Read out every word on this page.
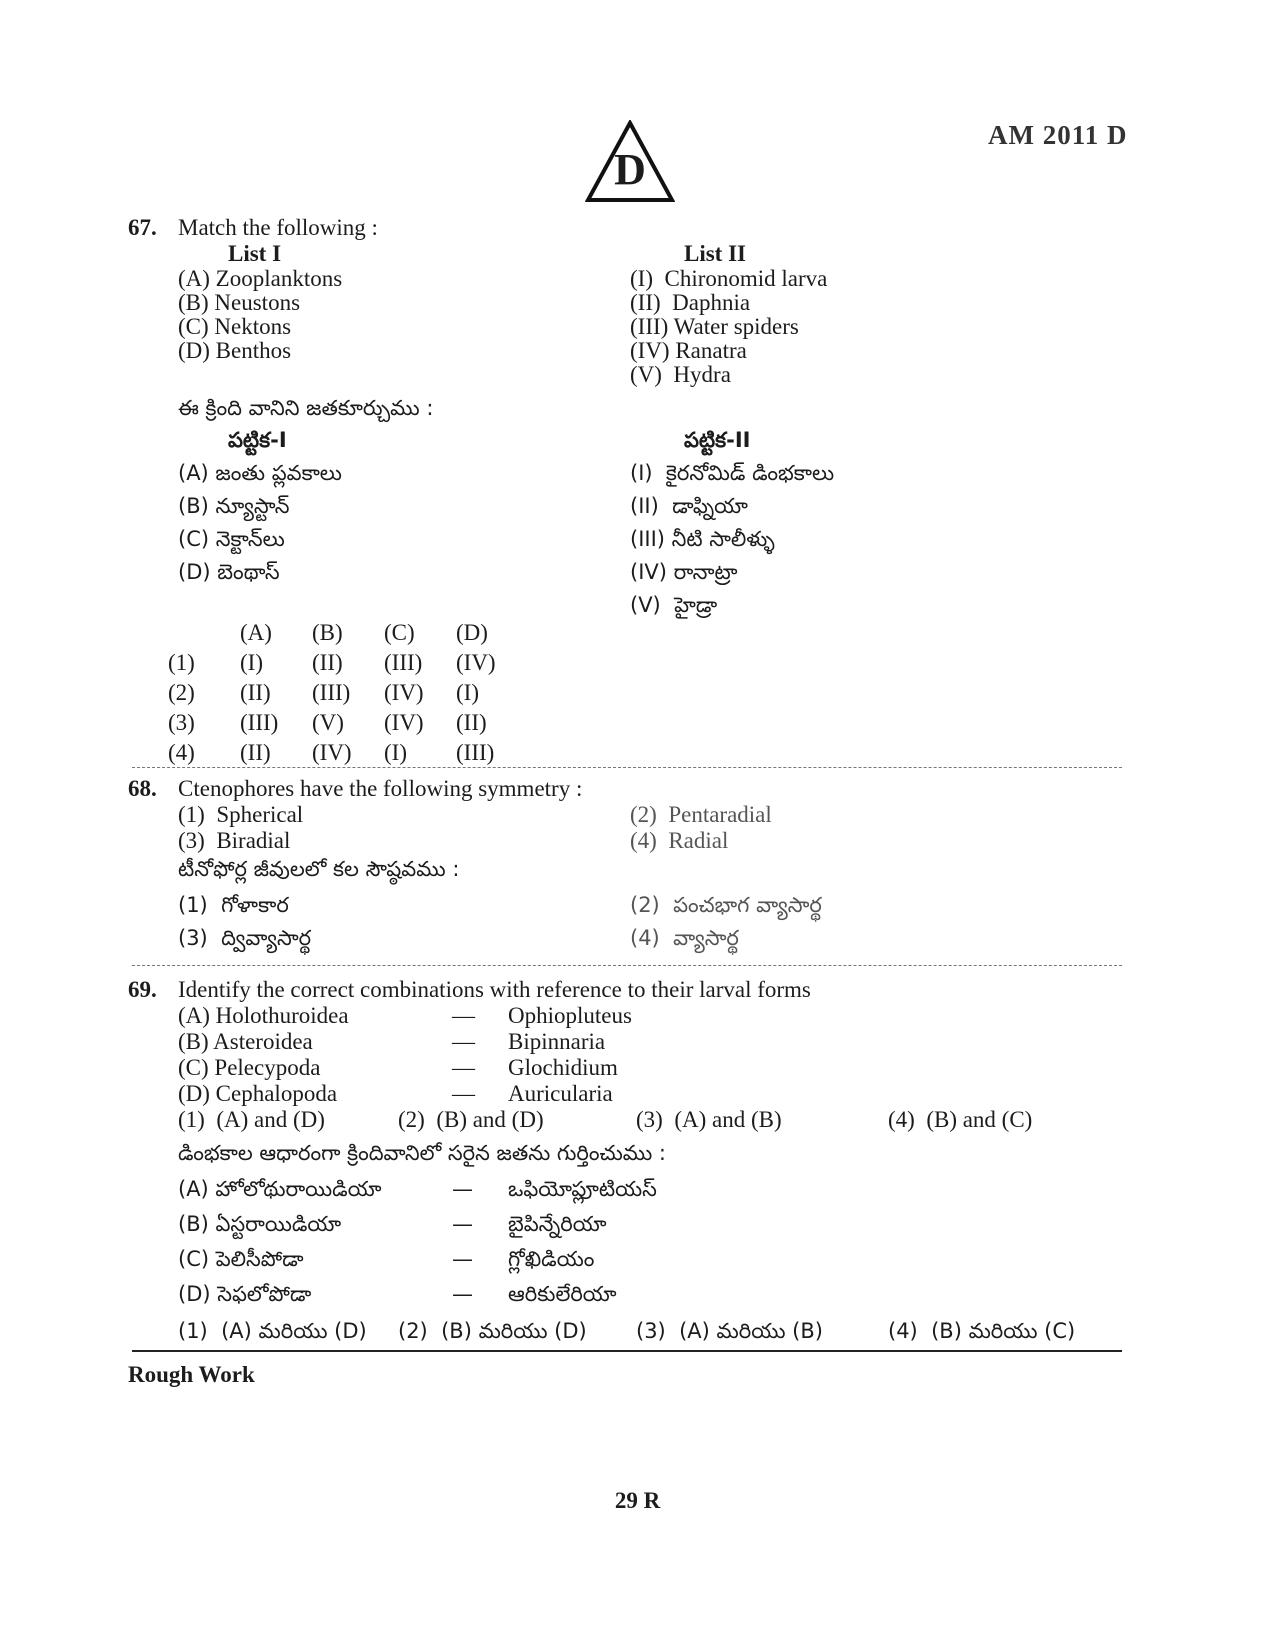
AM 2011 D
D
67. Match the following :
List I	List II
(A) Zooplanktons
(B) Neustons
(C) Nektons
(D) Benthos
(I)  Chironomid larva
(II)  Daphnia
(III) Water spiders
(IV) Ranatra
(V)  Hydra
ఈ క్రింది వానిని జతకూర్చుము :
పట్టిక-I	పట్టిక-II
(A) జంతు ప్లవకాలు
(B) న్యూస్టాన్
(C) నెక్టాన్‌లు
(D) బెంథాస్
(I)  కైరనోమిడ్ డింభకాలు
(II)  డాఫ్నియా
(III) నీటి సాలీళ్ళు
(IV) రానాట్రా
(V)  హైడ్రా
(A)	(B)	(C)	(D)
(1)	(I)	(II)	(III)	(IV)
(2)	(II)	(III)	(IV)	(I)
(3)	(III)	(V)	(IV)	(II)
(4)	(II)	(IV)	(I)	(III)
68. Ctenophores have the following symmetry :
(1)  Spherical	(2)  Pentaradial
(3)  Biradial	(4)  Radial
టీనోఫోర్ల జీవులలో కల సౌష్ఠవము :
(1)  గోళాకార	(2)  పంచభాగ వ్యాసార్థ
(3)  ద్వివ్యాసార్థ	(4)  వ్యాసార్థ
69. Identify the correct combinations with reference to their larval forms
(A) Holothuroidea	— Ophiopluteus
(B) Asteroidea	— Bipinnaria
(C) Pelecypoda	— Glochidium
(D) Cephalopoda	— Auricularia
(1)  (A) and (D)	(2)  (B) and (D)	(3)  (A) and (B)	(4)  (B) and (C)
డింభకాల ఆధారంగా క్రిందివానిలో సరైన జతను గుర్తించుము :
(A) హోలోథురాయిడియా	— ఒఫియోప్లూటియస్
(B) ఏస్టరాయిడియా	— బైపిన్నేరియా
(C) పెలిసీపోడా	— గ్లోఖిడియం
(D) సెఫలోపోడా	— ఆరికులేరియా
(1)  (A) మరియు (D) (2)  (B) మరియు (D) (3)  (A) మరియు (B)	(4)  (B) మరియు (C)
Rough Work
29 R
